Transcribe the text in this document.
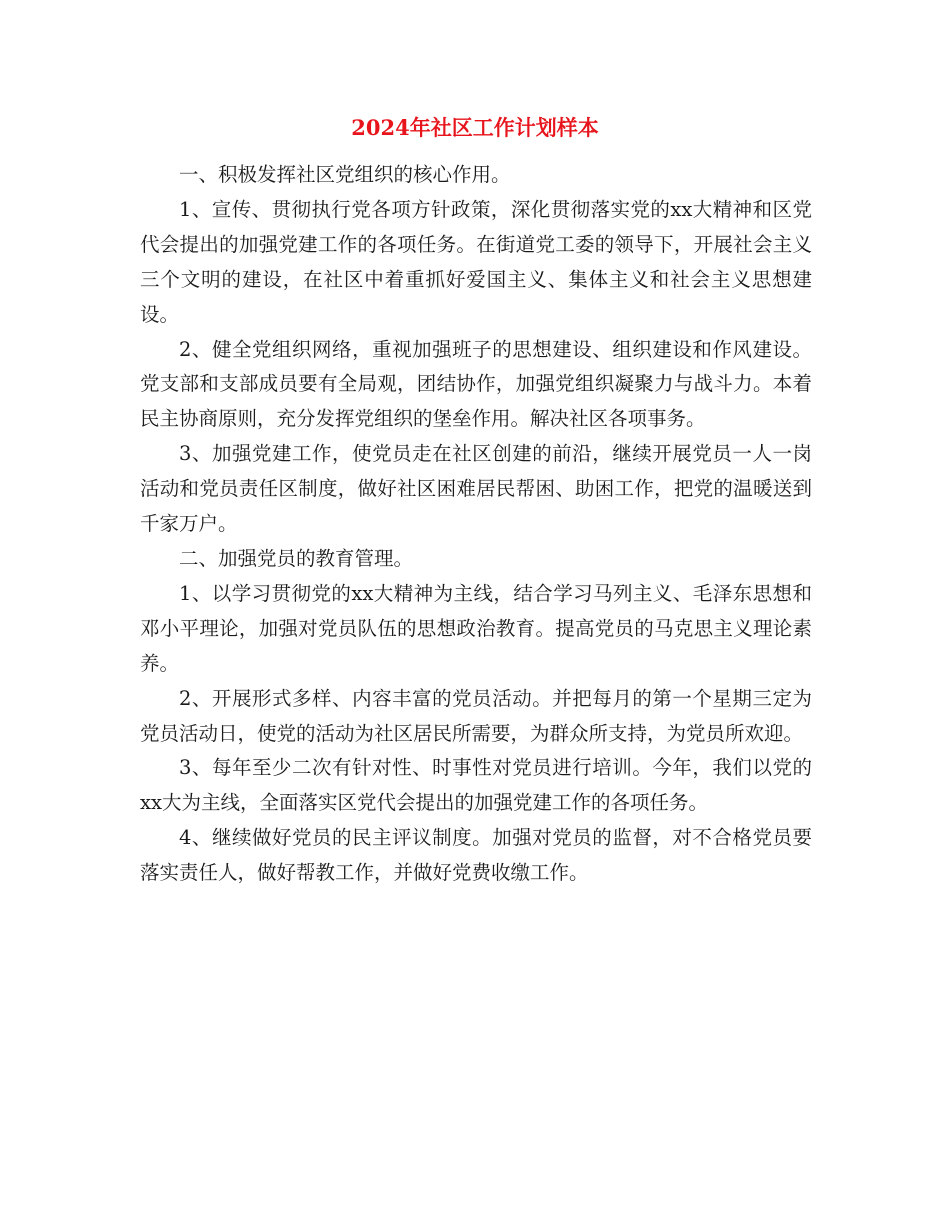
2024年社区工作计划样本

一、积极发挥社区党组织的核心作用。

1、宣传、贯彻执行党各项方针政策，深化贯彻落实党的xx大精神和区党代会提出的加强党建工作的各项任务。在街道党工委的领导下，开展社会主义三个文明的建设，在社区中着重抓好爱国主义、集体主义和社会主义思想建设。

2、健全党组织网络，重视加强班子的思想建设、组织建设和作风建设。党支部和支部成员要有全局观，团结协作，加强党组织凝聚力与战斗力。本着民主协商原则，充分发挥党组织的堡垒作用。解决社区各项事务。

3、加强党建工作，使党员走在社区创建的前沿，继续开展党员一人一岗活动和党员责任区制度，做好社区困难居民帮困、助困工作，把党的温暖送到千家万户。

二、加强党员的教育管理。

1、以学习贯彻党的xx大精神为主线，结合学习马列主义、毛泽东思想和邓小平理论，加强对党员队伍的思想政治教育。提高党员的马克思主义理论素养。

2、开展形式多样、内容丰富的党员活动。并把每月的第一个星期三定为党员活动日，使党的活动为社区居民所需要，为群众所支持，为党员所欢迎。

3、每年至少二次有针对性、时事性对党员进行培训。今年，我们以党的xx大为主线，全面落实区党代会提出的加强党建工作的各项任务。

4、继续做好党员的民主评议制度。加强对党员的监督，对不合格党员要落实责任人，做好帮教工作，并做好党费收缴工作。
